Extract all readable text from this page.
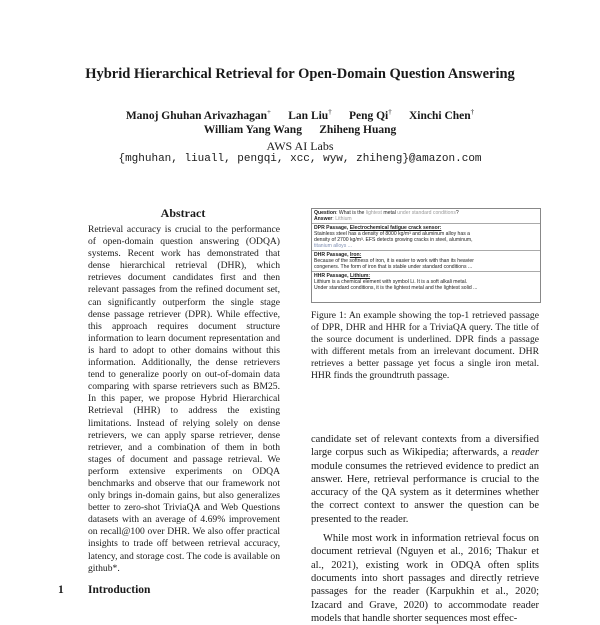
Hybrid Hierarchical Retrieval for Open-Domain Question Answering
Manoj Ghuhan Arivazhagan+ Lan Liu† Peng Qi† Xinchi Chen†
William Yang Wang Zhiheng Huang
AWS AI Labs
{mghuhan, liuall, pengqi, xcc, wyw, zhiheng}@amazon.com
Abstract
Retrieval accuracy is crucial to the performance of open-domain question answering (ODQA) systems. Recent work has demonstrated that dense hierarchical retrieval (DHR), which retrieves document candidates first and then relevant passages from the refined document set, can significantly outperform the single stage dense passage retriever (DPR). While effective, this approach requires document structure information to learn document representation and is hard to adopt to other domains without this information. Additionally, the dense retrievers tend to generalize poorly on out-of-domain data comparing with sparse retrievers such as BM25. In this paper, we propose Hybrid Hierarchical Retrieval (HHR) to address the existing limitations. Instead of relying solely on dense retrievers, we can apply sparse retriever, dense retriever, and a combination of them in both stages of document and passage retrieval. We perform extensive experiments on ODQA benchmarks and observe that our framework not only brings in-domain gains, but also generalizes better to zero-shot TriviaQA and Web Questions datasets with an average of 4.69% improvement on recall@100 over DHR. We also offer practical insights to trade off between retrieval accuracy, latency, and storage cost. The code is available on github*.
1 Introduction
Question: What is the lightest metal under standard conditions?
Answer: Lithium
DPR Passage, Electrochemical fatigue crack sensor:
Stainless steel has a density of 8000 kg/m³ and aluminum alloy has a
density of 2700 kg/m³. EFS detects growing cracks in steel, aluminum,
titanium alloys ...
DHR Passage, Iron:
Because of the softness of iron, it is easier to work with than its heavier
congeners. The form of iron that is stable under standard conditions ...
HHR Passage, Lithium:
Lithium is a chemical element with symbol Li. It is a soft alkali metal.
Under standard conditions, it is the lightest metal and the lightest solid ...
Figure 1: An example showing the top-1 retrieved passage of DPR, DHR and HHR for a TriviaQA query. The title of the source document is underlined. DPR finds a passage with different metals from an irrelevant document. DHR retrieves a better passage yet focus a single iron metal. HHR finds the groundtruth passage.

candidate set of relevant contexts from a diversified large corpus such as Wikipedia; afterwards, a reader module consumes the retrieved evidence to predict an answer. Here, retrieval performance is crucial to the accuracy of the QA system as it determines whether the correct context to answer the question can be presented to the reader.

While most work in information retrieval focus on document retrieval (Nguyen et al., 2016; Thakur et al., 2021), existing work in ODQA often splits documents into short passages and directly retrieve passages for the reader (Karpukhin et al., 2020; Izacard and Grave, 2020) to accommodate reader models that handle shorter sequences most effec-
